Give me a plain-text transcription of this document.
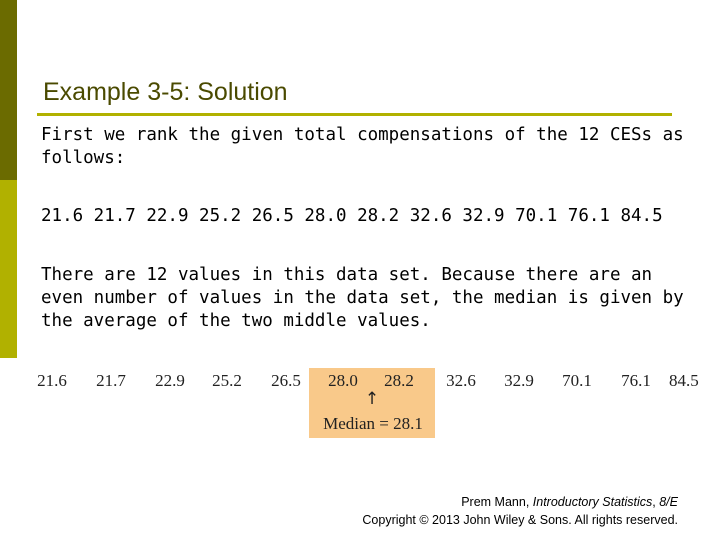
Example 3-5: Solution

First we rank the given total compensations of the 12 CESs as follows:

21.6 21.7 22.9 25.2 26.5 28.0 28.2 32.6 32.9 70.1 76.1 84.5

There are 12 values in this data set. Because there are an even number of values in the data set, the median is given by the average of the two middle values.

21.6	21.7	22.9	25.2	26.5	28.0	28.2	32.6	32.9	70.1	76.1	84.5
↑
Median = 28.1
Prem Mann, Introductory Statistics, 8/E
Copyright © 2013 John Wiley & Sons. All rights reserved.
